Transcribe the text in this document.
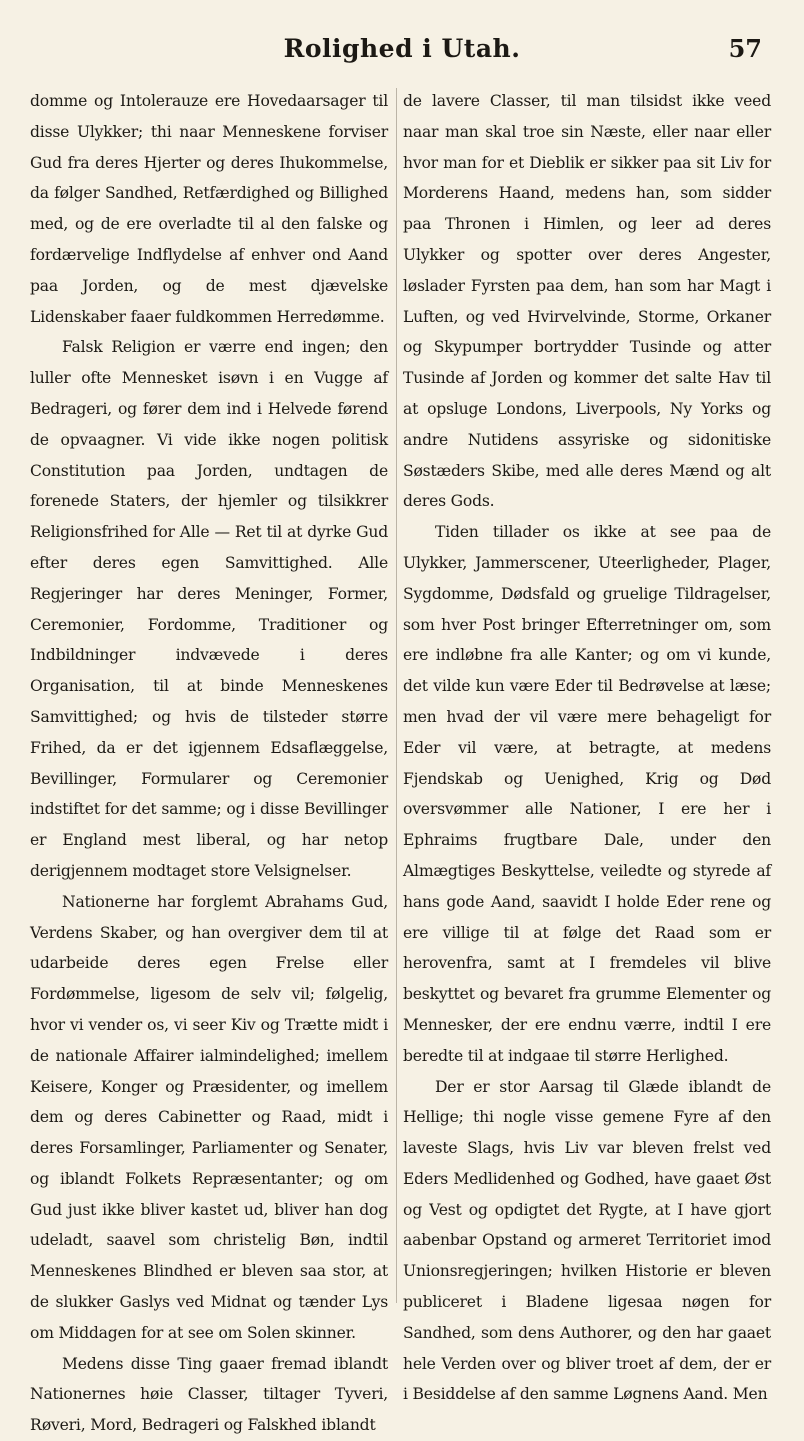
Rolighed i Utah.	57

domme og Intolerauze ere Hovedaarsager til disse Ulykker; thi naar Menneskene forviser Gud fra deres Hjerter og deres Ihukommelse, da følger Sandhed, Retfærdighed og Billighed med, og de ere overladte til al den falske og fordærvelige Indflydelse af enhver ond Aand paa Jorden, og de mest djævelske Lidenskaber faaer fuldkommen Herredømme.

Falsk Religion er værre end ingen; den luller ofte Mennesket isøvn i en Vugge af Bedrageri, og fører dem ind i Helvede førend de opvaagner. Vi vide ikke nogen politisk Constitution paa Jorden, undtagen de forenede Staters, der hjemler og tilsikkrer Religionsfrihed for Alle — Ret til at dyrke Gud efter deres egen Samvittighed. Alle Regjeringer har deres Meninger, Former, Ceremonier, Fordomme, Traditioner og Indbildninger indvævede i deres Organisation, til at binde Menneskenes Samvittighed; og hvis de tilsteder større Frihed, da er det igjennem Edsaflæggelse, Bevillinger, Formularer og Ceremonier indstiftet for det samme; og i disse Bevillinger er England mest liberal, og har netop derigjennem modtaget store Velsignelser.

Nationerne har forglemt Abrahams Gud, Verdens Skaber, og han overgiver dem til at udarbeide deres egen Frelse eller Fordømmelse, ligesom de selv vil; følgelig, hvor vi vender os, vi seer Kiv og Trætte midt i de nationale Affairer ialmindelighed; imellem Keisere, Konger og Præsidenter, og imellem dem og deres Cabinetter og Raad, midt i deres Forsamlinger, Parliamenter og Senater, og iblandt Folkets Repræsentanter; og om Gud just ikke bliver kastet ud, bliver han dog udeladt, saavel som christelig Bøn, indtil Menneskenes Blindhed er bleven saa stor, at de slukker Gaslys ved Midnat og tænder Lys om Middagen for at see om Solen skinner.

Medens disse Ting gaaer fremad iblandt Nationernes høie Classer, tiltager Tyveri, Røveri, Mord, Bedrageri og Falskhed iblandt

de lavere Classer, til man tilsidst ikke veed naar man skal troe sin Næste, eller naar eller hvor man for et Dieblik er sikker paa sit Liv for Morderens Haand, medens han, som sidder paa Thronen i Himlen, og leer ad deres Ulykker og spotter over deres Angester, løslader Fyrsten paa dem, han som har Magt i Luften, og ved Hvirvelvinde, Storme, Orkaner og Skypumper bortrydder Tusinde og atter Tusinde af Jorden og kommer det salte Hav til at opsluge Londons, Liverpools, Ny Yorks og andre Nutidens assyriske og sidonitiske Søstæders Skibe, med alle deres Mænd og alt deres Gods.

Tiden tillader os ikke at see paa de Ulykker, Jammerscener, Uteerligheder, Plager, Sygdomme, Dødsfald og gruelige Tildragelser, som hver Post bringer Efterretninger om, som ere indløbne fra alle Kanter; og om vi kunde, det vilde kun være Eder til Bedrøvelse at læse; men hvad der vil være mere behageligt for Eder vil være, at betragte, at medens Fjendskab og Uenighed, Krig og Død oversvømmer alle Nationer, I ere her i Ephraims frugtbare Dale, under den Almægtiges Beskyttelse, veiledte og styrede af hans gode Aand, saavidt I holde Eder rene og ere villige til at følge det Raad som er herovenfra, samt at I fremdeles vil blive beskyttet og bevaret fra grumme Elementer og Mennesker, der ere endnu værre, indtil I ere beredte til at indgaae til større Herlighed.

Der er stor Aarsag til Glæde iblandt de Hellige; thi nogle visse gemene Fyre af den laveste Slags, hvis Liv var bleven frelst ved Eders Medlidenhed og Godhed, have gaaet Øst og Vest og opdigtet det Rygte, at I have gjort aabenbar Opstand og armeret Territoriet imod Unionsregjeringen; hvilken Historie er bleven publiceret i Bladene ligesaa nøgen for Sandhed, som dens Authorer, og den har gaaet hele Verden over og bliver troet af dem, der er i Besiddelse af den samme Løgnens Aand. Men
